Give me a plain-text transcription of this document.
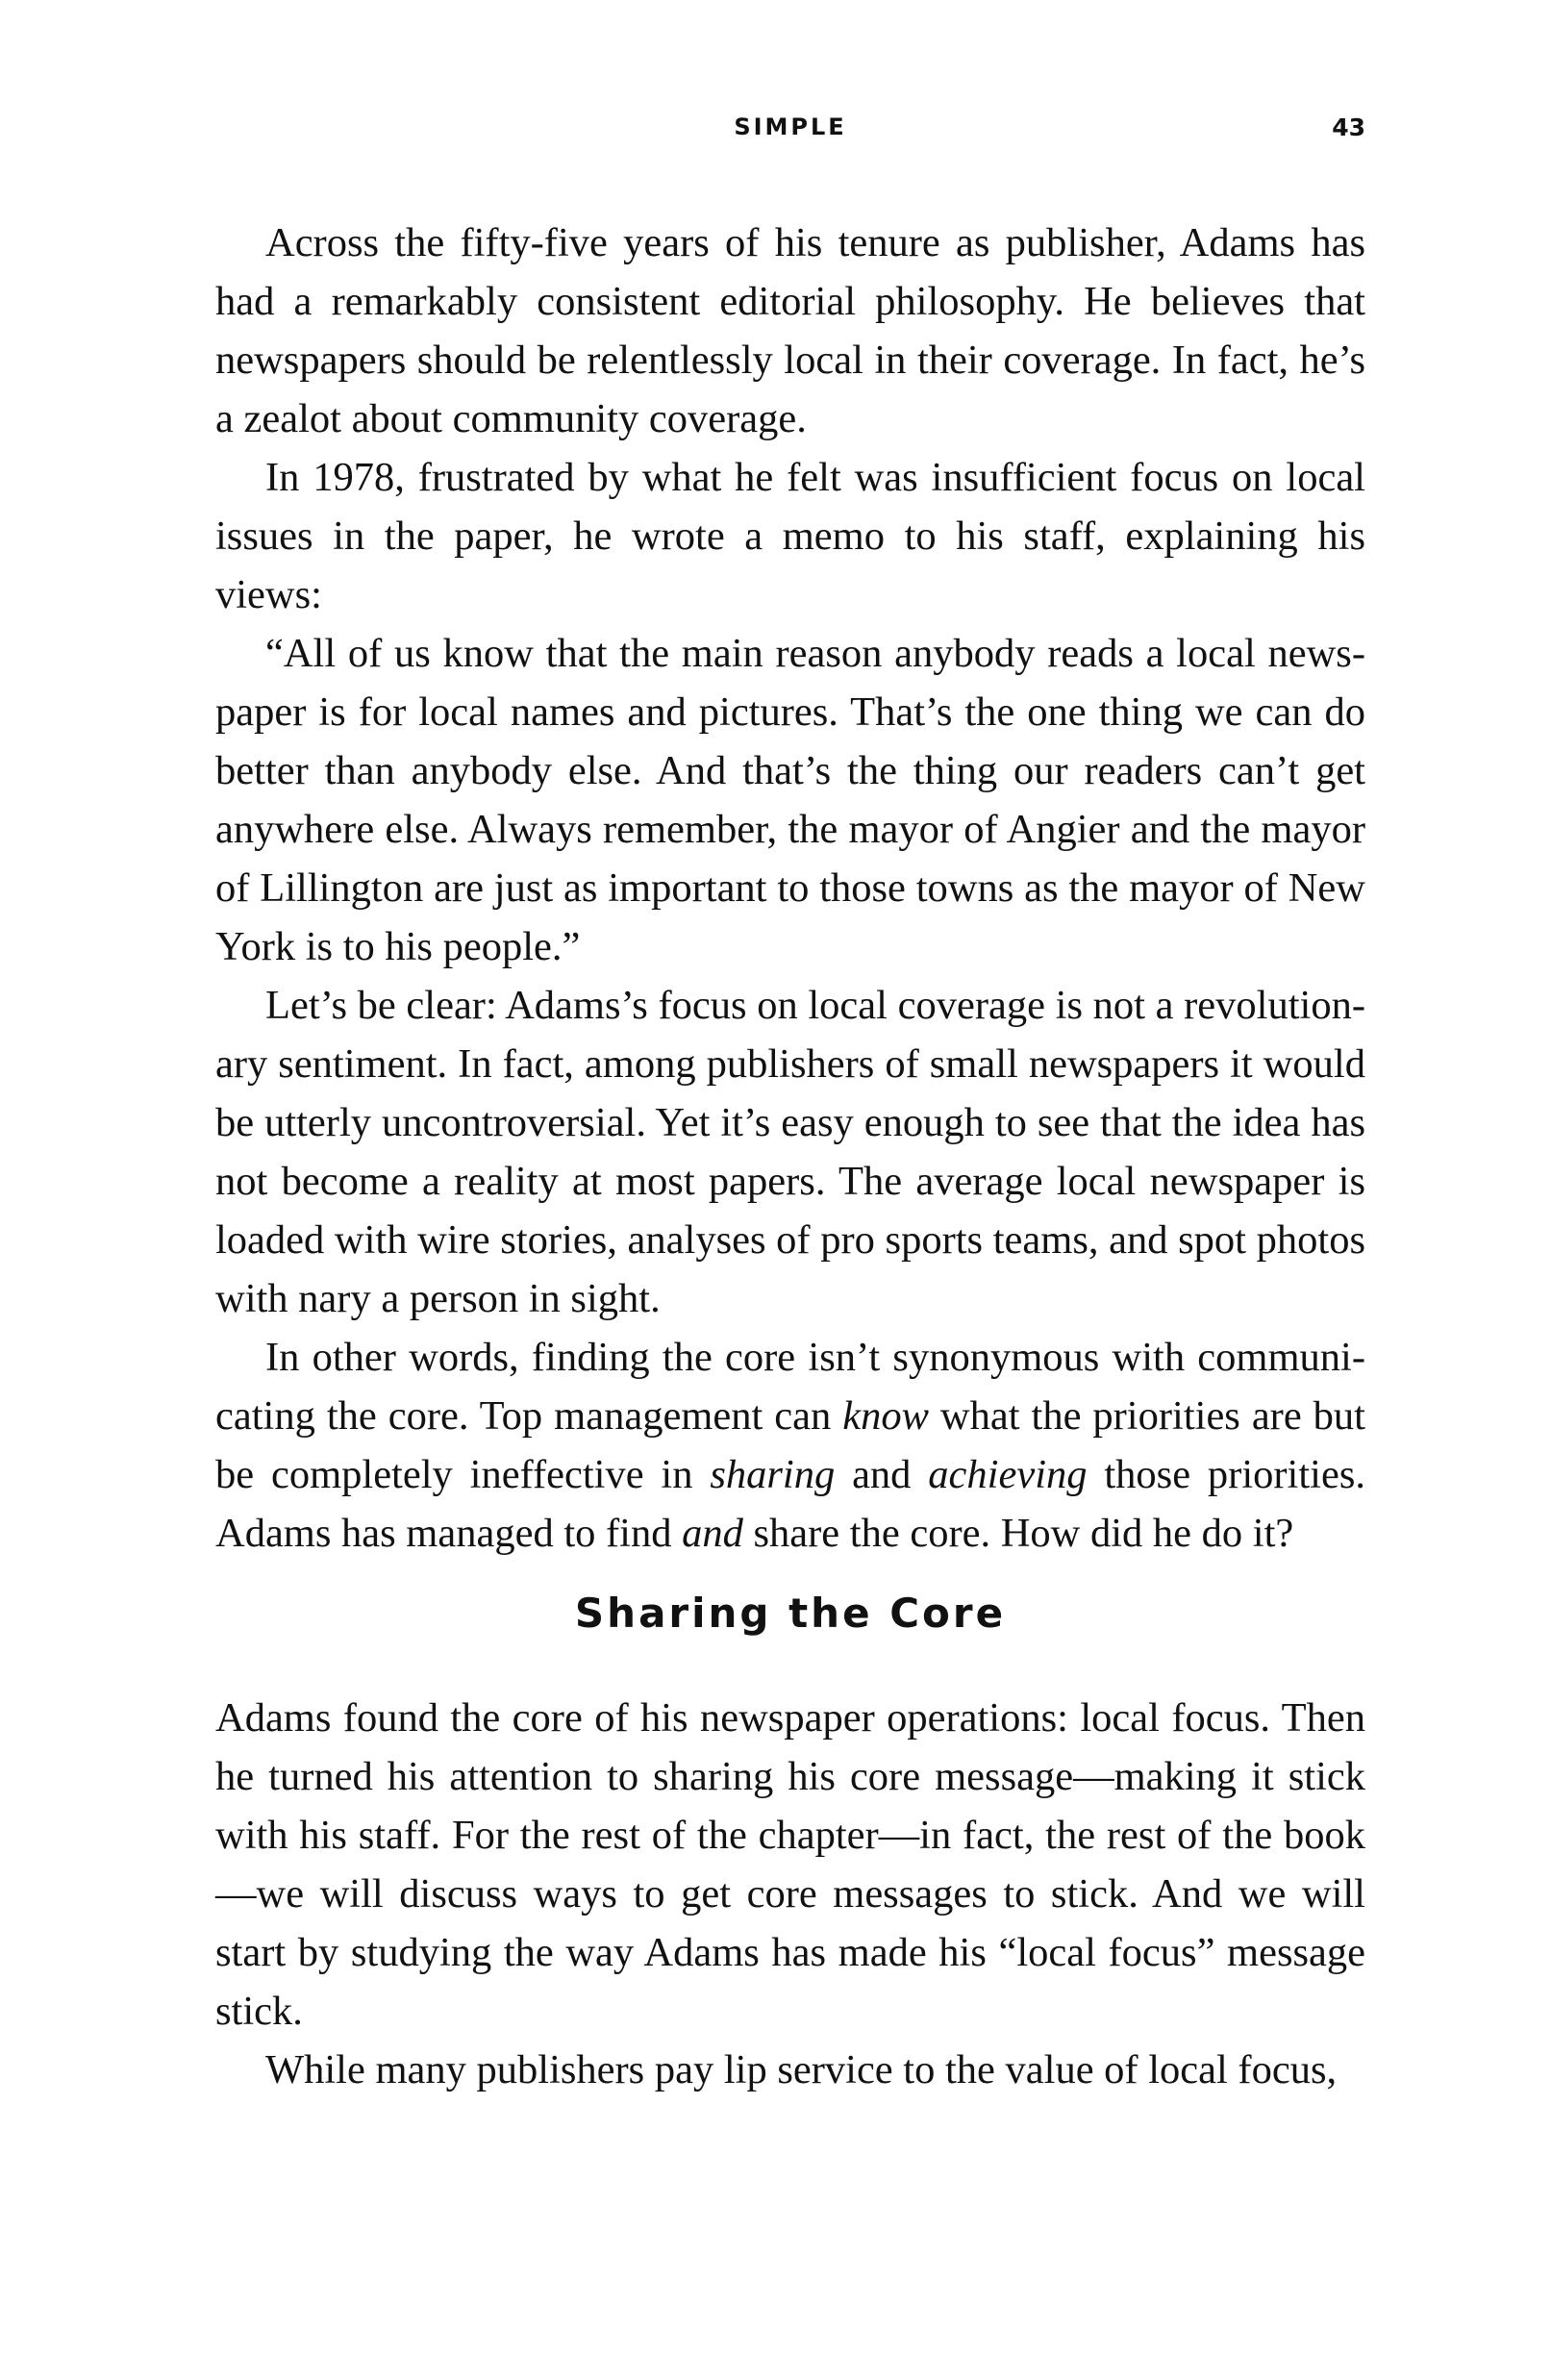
SIMPLE	43

Across the fifty-five years of his tenure as publisher, Adams has had a remarkably consistent editorial philosophy. He believes that newspapers should be relentlessly local in their coverage. In fact, he’s a zealot about community coverage.

In 1978, frustrated by what he felt was insufficient focus on local issues in the paper, he wrote a memo to his staff, explaining his views:

“All of us know that the main reason anybody reads a local newspaper is for local names and pictures. That’s the one thing we can do better than anybody else. And that’s the thing our readers can’t get anywhere else. Always remember, the mayor of Angier and the mayor of Lillington are just as important to those towns as the mayor of New York is to his people.”

Let’s be clear: Adams’s focus on local coverage is not a revolutionary sentiment. In fact, among publishers of small newspapers it would be utterly uncontroversial. Yet it’s easy enough to see that the idea has not become a reality at most papers. The average local newspaper is loaded with wire stories, analyses of pro sports teams, and spot photos with nary a person in sight.

In other words, finding the core isn’t synonymous with communicating the core. Top management can know what the priorities are but be completely ineffective in sharing and achieving those priorities. Adams has managed to find and share the core. How did he do it?

Sharing the Core

Adams found the core of his newspaper operations: local focus. Then he turned his attention to sharing his core message—making it stick with his staff. For the rest of the chapter—in fact, the rest of the book—we will discuss ways to get core messages to stick. And we will start by studying the way Adams has made his “local focus” message stick.

While many publishers pay lip service to the value of local focus,
